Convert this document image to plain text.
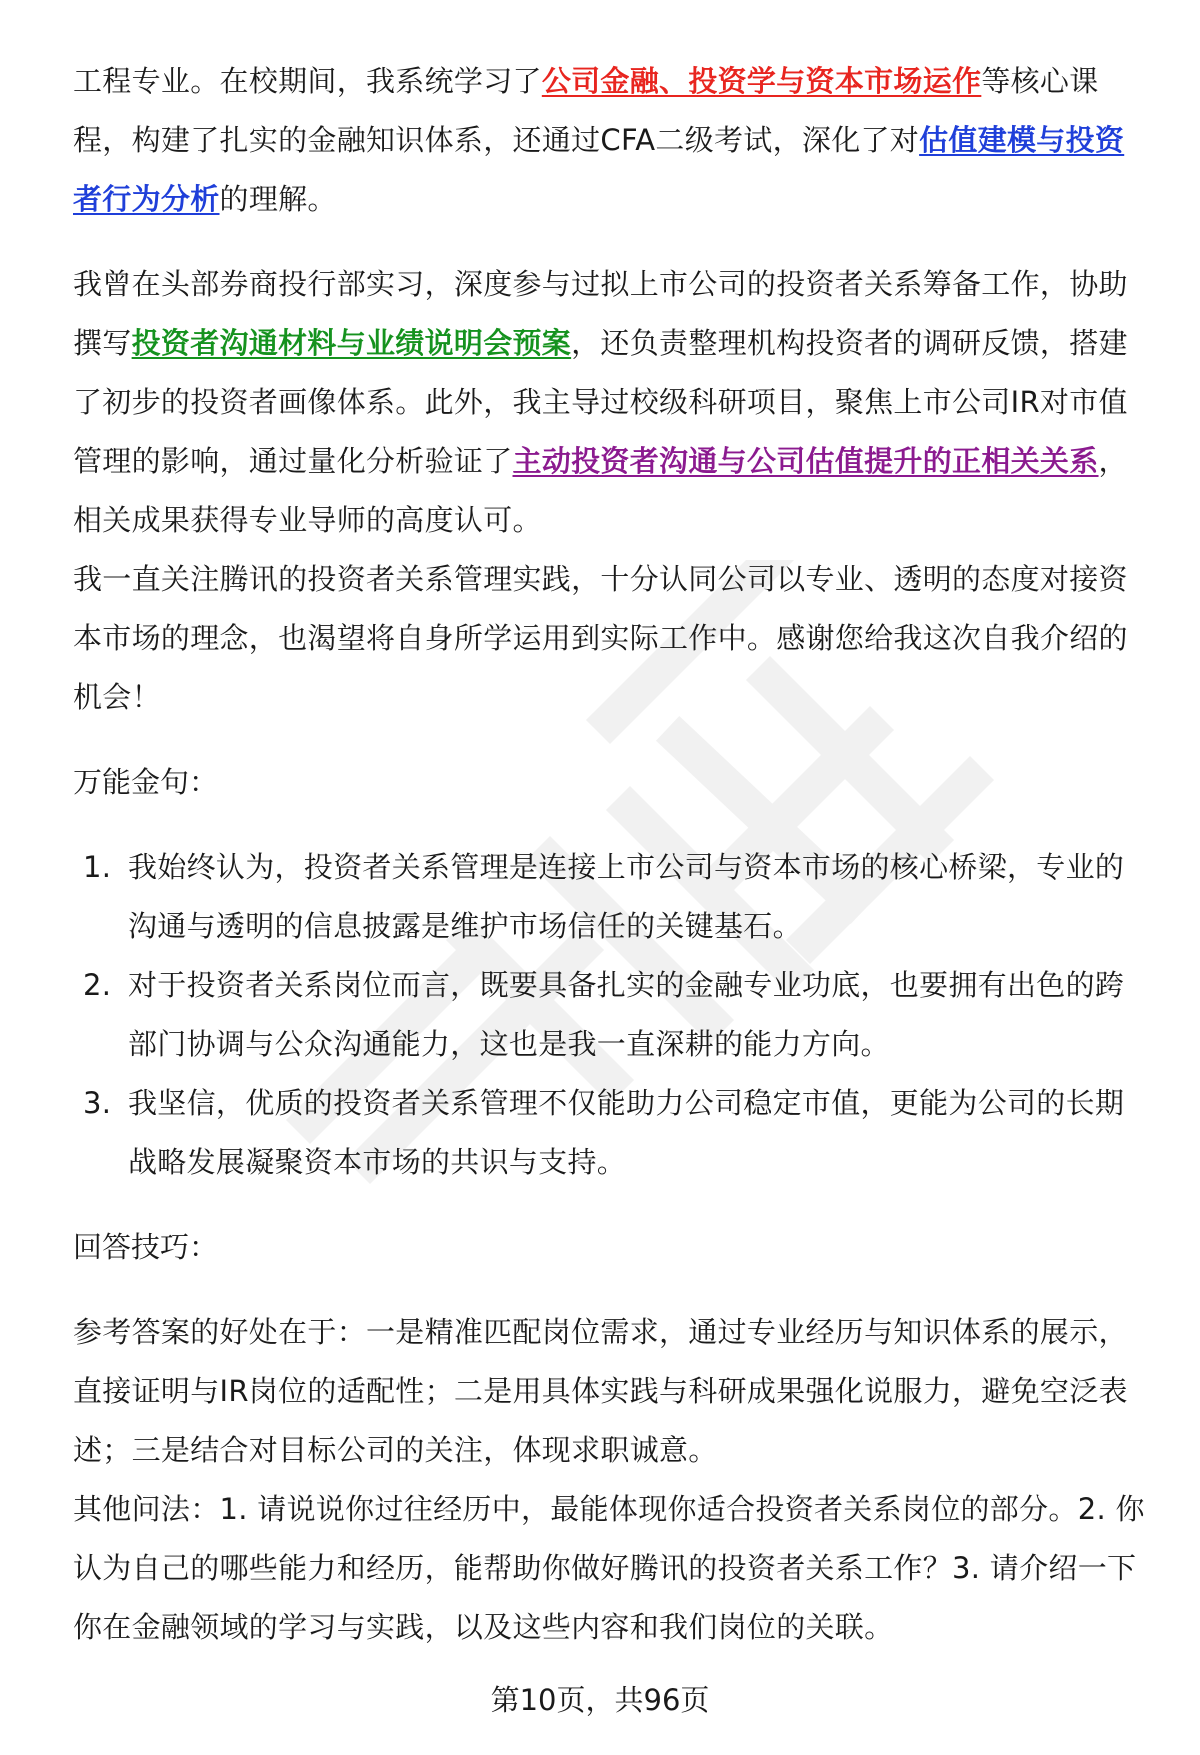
工程专业。在校期间，我系统学习了公司金融、投资学与资本市场运作等核心课程，构建了扎实的金融知识体系，还通过CFA二级考试，深化了对估值建模与投资者行为分析的理解。

我曾在头部券商投行部实习，深度参与过拟上市公司的投资者关系筹备工作，协助撰写投资者沟通材料与业绩说明会预案，还负责整理机构投资者的调研反馈，搭建了初步的投资者画像体系。此外，我主导过校级科研项目，聚焦上市公司IR对市值管理的影响，通过量化分析验证了主动投资者沟通与公司估值提升的正相关关系，相关成果获得专业导师的高度认可。

我一直关注腾讯的投资者关系管理实践，十分认同公司以专业、透明的态度对接资本市场的理念，也渴望将自身所学运用到实际工作中。感谢您给我这次自我介绍的机会！

万能金句：

1. 我始终认为，投资者关系管理是连接上市公司与资本市场的核心桥梁，专业的沟通与透明的信息披露是维护市场信任的关键基石。
2. 对于投资者关系岗位而言，既要具备扎实的金融专业功底，也要拥有出色的跨部门协调与公众沟通能力，这也是我一直深耕的能力方向。
3. 我坚信，优质的投资者关系管理不仅能助力公司稳定市值，更能为公司的长期战略发展凝聚资本市场的共识与支持。

回答技巧：

参考答案的好处在于：一是精准匹配岗位需求，通过专业经历与知识体系的展示，直接证明与IR岗位的适配性；二是用具体实践与科研成果强化说服力，避免空泛表述；三是结合对目标公司的关注，体现求职诚意。

其他问法：1. 请说说你过往经历中，最能体现你适合投资者关系岗位的部分。2. 你认为自己的哪些能力和经历，能帮助你做好腾讯的投资者关系工作？3. 请介绍一下你在金融领域的学习与实践，以及这些内容和我们岗位的关联。

第10页，共96页
